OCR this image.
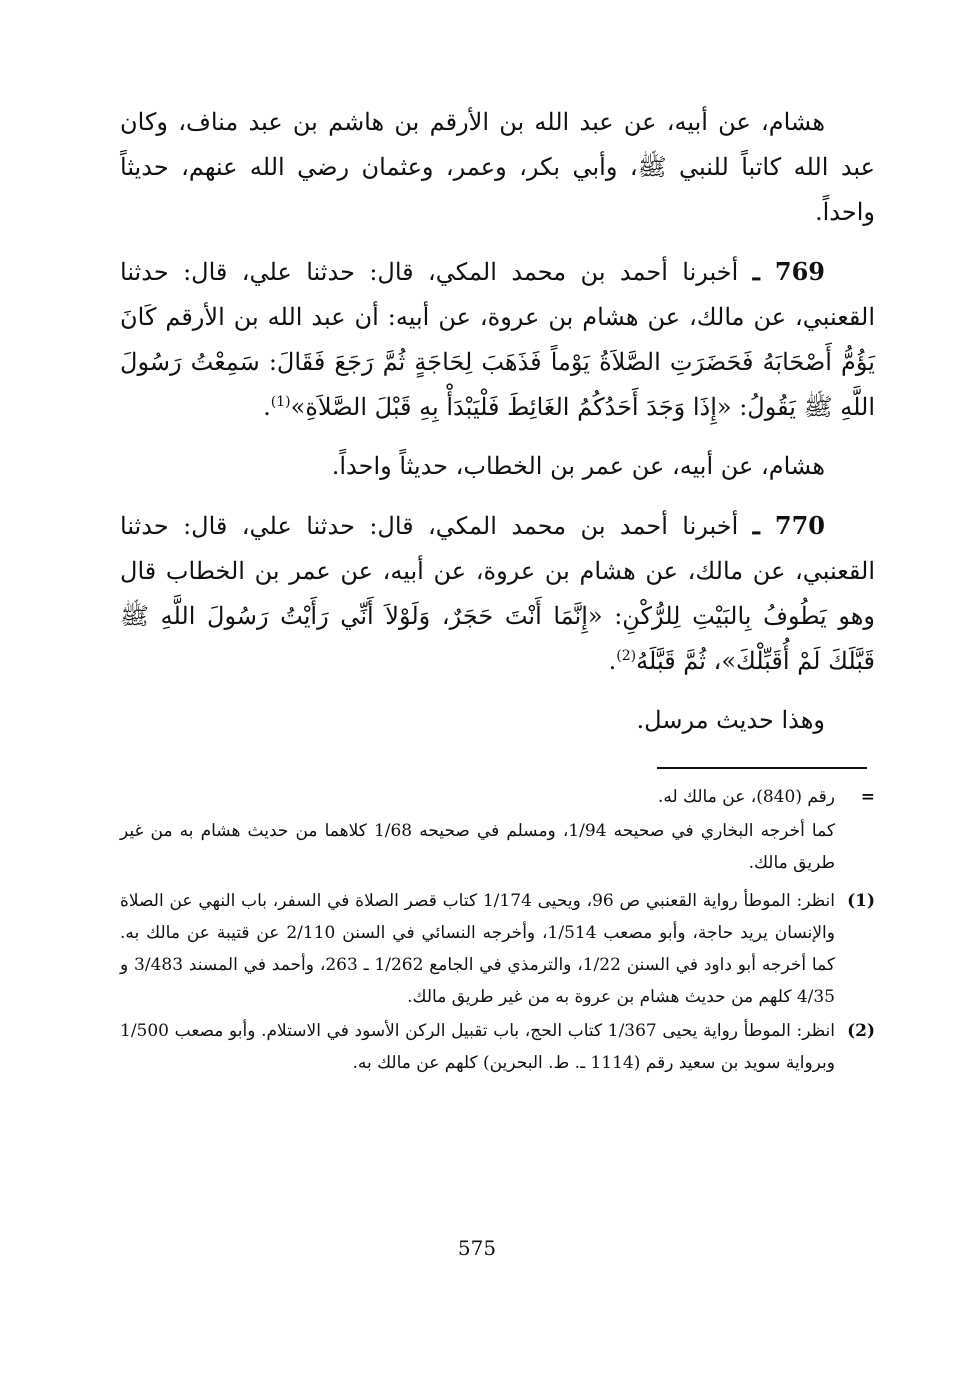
هشام، عن أبيه، عن عبد الله بن الأرقم بن هاشم بن عبد مناف، وكان عبد الله كاتباً للنبي ﷺ، وأبي بكر، وعمر، وعثمان رضي الله عنهم، حديثاً واحداً.

769 ـ أخبرنا أحمد بن محمد المكي، قال: حدثنا علي، قال: حدثنا القعنبي، عن مالك، عن هشام بن عروة، عن أبيه: أن عبد الله بن الأرقم كَانَ يَؤُمُّ أَصْحَابَهُ فَحَضَرَتِ الصَّلاَةُ يَوْماً فَذَهَبَ لِحَاجَةٍ ثُمَّ رَجَعَ فَقَالَ: سَمِعْتُ رَسُولَ اللَّهِ ﷺ يَقُولُ: «إِذَا وَجَدَ أَحَدُكُمُ الغَائِطَ فَلْيَبْدَأْ بِهِ قَبْلَ الصَّلاَةِ»$^{(1)}$.

هشام، عن أبيه، عن عمر بن الخطاب، حديثاً واحداً.

770 ـ أخبرنا أحمد بن محمد المكي، قال: حدثنا علي، قال: حدثنا القعنبي، عن مالك، عن هشام بن عروة، عن أبيه، عن عمر بن الخطاب قال وهو يَطُوفُ بِالبَيْتِ لِلرُّكْنِ: «إِنَّمَا أَنْتَ حَجَرٌ، وَلَوْلاَ أَنِّي رَأَيْتُ رَسُولَ اللَّهِ ﷺ قَبَّلَكَ لَمْ أُقَبِّلْكَ»، ثُمَّ قَبَّلَهُ$^{(2)}$.

وهذا حديث مرسل.

=
رقم (840)، عن مالك له.

كما أخرجه البخاري في صحيحه 1/94، ومسلم في صحيحه 1/68 كلاهما من حديث هشام به من غير طريق مالك.

(1)
انظر: الموطأ رواية القعنبي ص 96، ويحيى 1/174 كتاب قصر الصلاة في السفر، باب النهي عن الصلاة والإنسان يريد حاجة، وأبو مصعب 1/514، وأخرجه النسائي في السنن 2/110 عن قتيبة عن مالك به. كما أخرجه أبو داود في السنن 1/22، والترمذي في الجامع 1/262 ـ 263، وأحمد في المسند 3/483 و 4/35 كلهم من حديث هشام بن عروة به من غير طريق مالك.
(2)
انظر: الموطأ رواية يحيى 1/367 كتاب الحج، باب تقبيل الركن الأسود في الاستلام. وأبو مصعب 1/500 وبرواية سويد بن سعيد رقم (1114 ـ. ط. البحرين) كلهم عن مالك به.
575
